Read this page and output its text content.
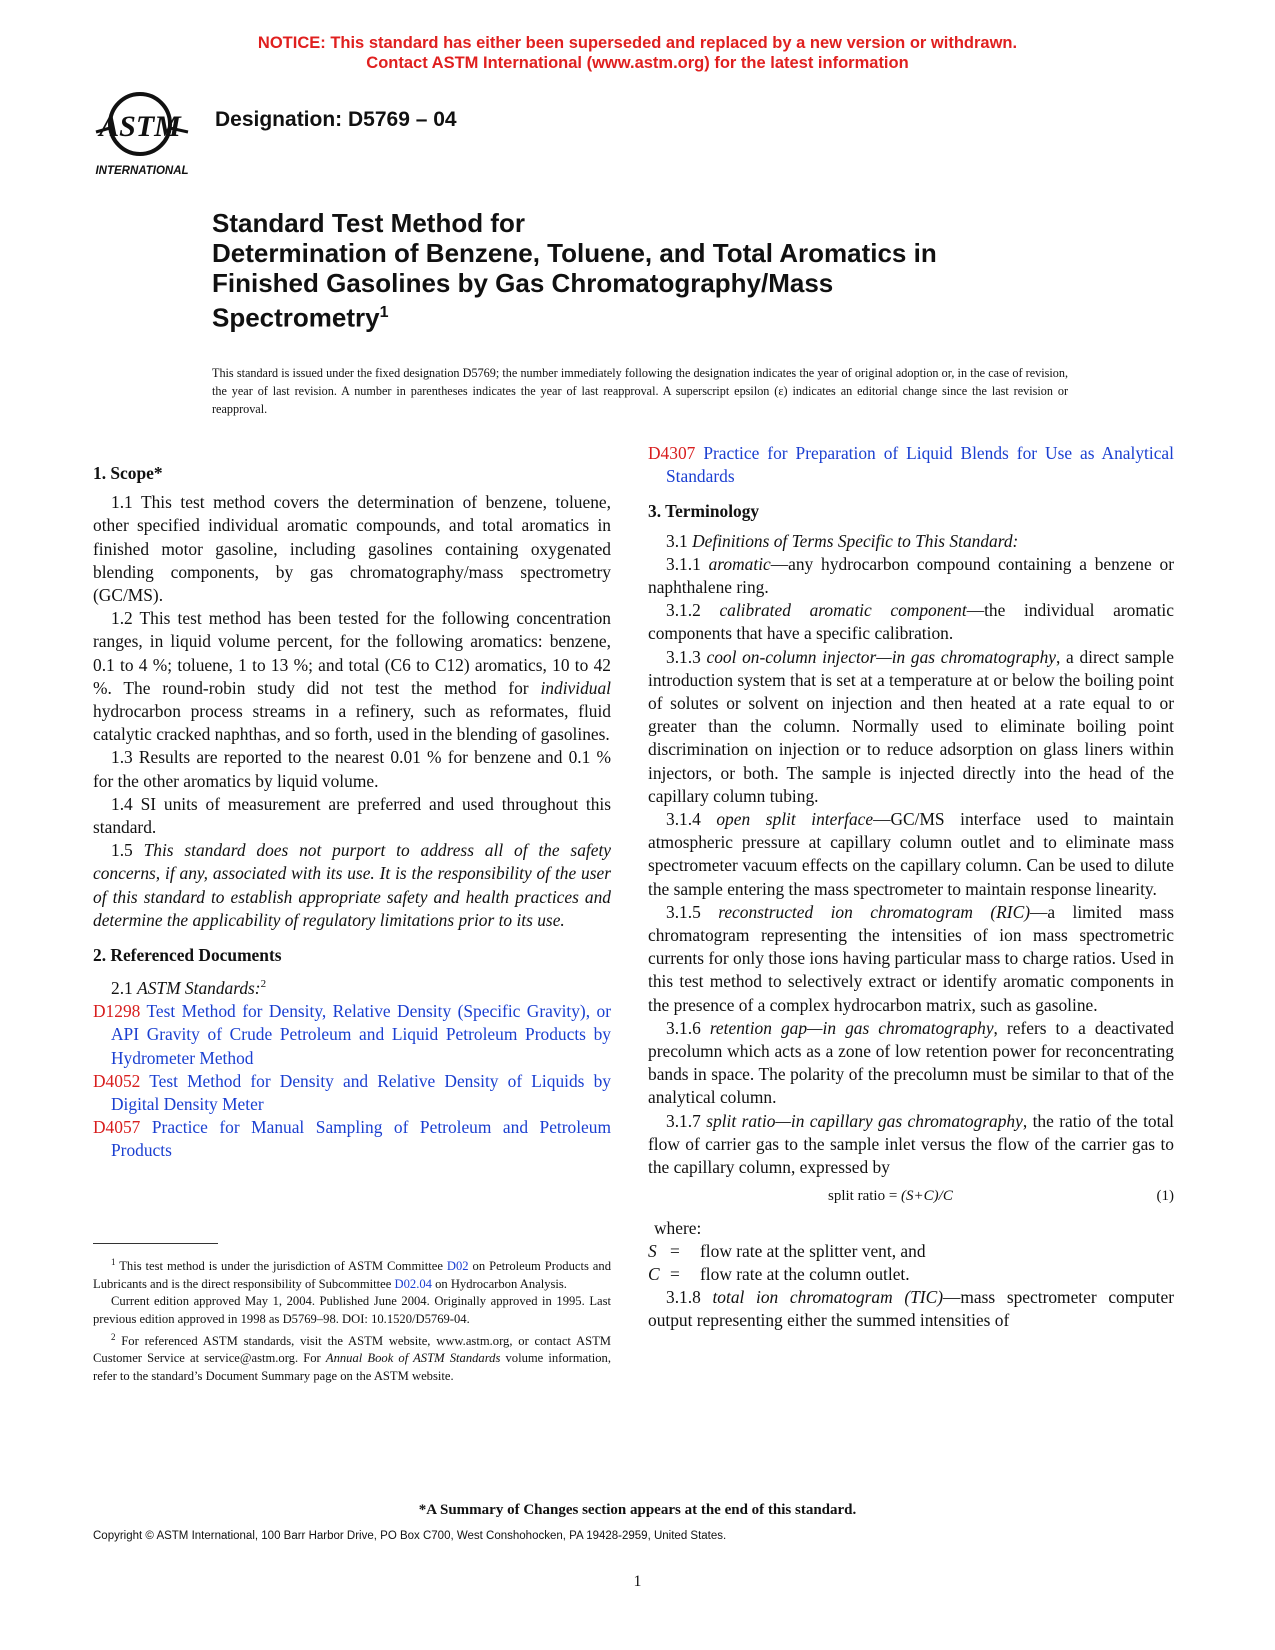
NOTICE: This standard has either been superseded and replaced by a new version or withdrawn.
Contact ASTM International (www.astm.org) for the latest information
ASTM
INTERNATIONAL
Designation: D5769 – 04
Standard Test Method for
Determination of Benzene, Toluene, and Total Aromatics in
Finished Gasolines by Gas Chromatography/Mass
Spectrometry$^1$
This standard is issued under the fixed designation D5769; the number immediately following the designation indicates the year of original adoption or, in the case of revision, the year of last revision. A number in parentheses indicates the year of last reapproval. A superscript epsilon (ε) indicates an editorial change since the last revision or reapproval.
1. Scope*

1.1 This test method covers the determination of benzene, toluene, other specified individual aromatic compounds, and total aromatics in finished motor gasoline, including gasolines containing oxygenated blending components, by gas chromatography/mass spectrometry (GC/MS).

1.2 This test method has been tested for the following concentration ranges, in liquid volume percent, for the following aromatics: benzene, 0.1 to 4 %; toluene, 1 to 13 %; and total (C6 to C12) aromatics, 10 to 42 %. The round-robin study did not test the method for individual hydrocarbon process streams in a refinery, such as reformates, fluid catalytic cracked naphthas, and so forth, used in the blending of gasolines.

1.3 Results are reported to the nearest 0.01 % for benzene and 0.1 % for the other aromatics by liquid volume.

1.4 SI units of measurement are preferred and used throughout this standard.

1.5 This standard does not purport to address all of the safety concerns, if any, associated with its use. It is the responsibility of the user of this standard to establish appropriate safety and health practices and determine the applicability of regulatory limitations prior to its use.

2. Referenced Documents

2.1 ASTM Standards:$^2$

D1298 Test Method for Density, Relative Density (Specific Gravity), or API Gravity of Crude Petroleum and Liquid Petroleum Products by Hydrometer Method

D4052 Test Method for Density and Relative Density of Liquids by Digital Density Meter

D4057 Practice for Manual Sampling of Petroleum and Petroleum Products

$^1$ This test method is under the jurisdiction of ASTM Committee D02 on Petroleum Products and Lubricants and is the direct responsibility of Subcommittee D02.04 on Hydrocarbon Analysis.

Current edition approved May 1, 2004. Published June 2004. Originally approved in 1995. Last previous edition approved in 1998 as D5769–98. DOI: 10.1520/D5769-04.

$^2$ For referenced ASTM standards, visit the ASTM website, www.astm.org, or contact ASTM Customer Service at service@astm.org. For Annual Book of ASTM Standards volume information, refer to the standard’s Document Summary page on the ASTM website.

D4307 Practice for Preparation of Liquid Blends for Use as Analytical Standards

3. Terminology

3.1 Definitions of Terms Specific to This Standard:

3.1.1 aromatic—any hydrocarbon compound containing a benzene or naphthalene ring.

3.1.2 calibrated aromatic component—the individual aromatic components that have a specific calibration.

3.1.3 cool on-column injector—in gas chromatography, a direct sample introduction system that is set at a temperature at or below the boiling point of solutes or solvent on injection and then heated at a rate equal to or greater than the column. Normally used to eliminate boiling point discrimination on injection or to reduce adsorption on glass liners within injectors, or both. The sample is injected directly into the head of the capillary column tubing.

3.1.4 open split interface—GC/MS interface used to maintain atmospheric pressure at capillary column outlet and to eliminate mass spectrometer vacuum effects on the capillary column. Can be used to dilute the sample entering the mass spectrometer to maintain response linearity.

3.1.5 reconstructed ion chromatogram (RIC)—a limited mass chromatogram representing the intensities of ion mass spectrometric currents for only those ions having particular mass to charge ratios. Used in this test method to selectively extract or identify aromatic components in the presence of a complex hydrocarbon matrix, such as gasoline.

3.1.6 retention gap—in gas chromatography, refers to a deactivated precolumn which acts as a zone of low retention power for reconcentrating bands in space. The polarity of the precolumn must be similar to that of the analytical column.

3.1.7 split ratio—in capillary gas chromatography, the ratio of the total flow of carrier gas to the sample inlet versus the flow of the carrier gas to the capillary column, expressed by

split ratio = (S+C)/C	(1)
where:
S =	flow rate at the splitter vent, and
C =	flow rate at the column outlet.

3.1.8 total ion chromatogram (TIC)—mass spectrometer computer output representing either the summed intensities of

*A Summary of Changes section appears at the end of this standard.
Copyright © ASTM International, 100 Barr Harbor Drive, PO Box C700, West Conshohocken, PA 19428-2959, United States.
1
